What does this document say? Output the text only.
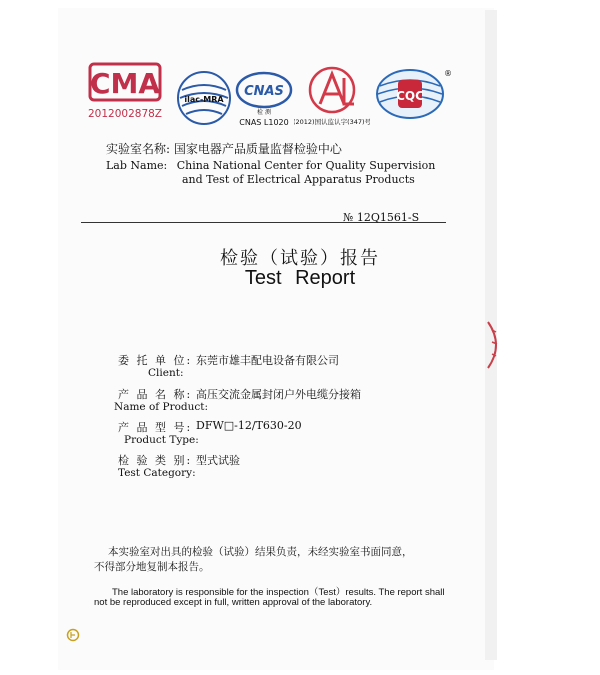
CMA
2012002878Z
ilac-MRA
CNAS
检 测
CNAS L1020 (2012)国认监认字(347)号
CQC
®
实验室名称: 国家电器产品质量监督检验中心
Lab Name: China National Center for Quality Supervision
and Test of Electrical Apparatus Products
№ 12Q1561-S
检验（试验）报告
Test Report
委 托 单 位: 东莞市雄丰配电设备有限公司
Client:
产 品 名 称: 高压交流金属封闭户外电缆分接箱
Name of Product:
产 品 型 号: DFW□-12/T630-20
Product Type:
检 验 类 别: 型式试验
Test Category:
本实验室对出具的检验（试验）结果负责，未经实验室书面同意，
不得部分地复制本报告。
The laboratory is responsible for the inspection（Test）results. The report shall
not be reproduced except in full, written approval of the laboratory.
